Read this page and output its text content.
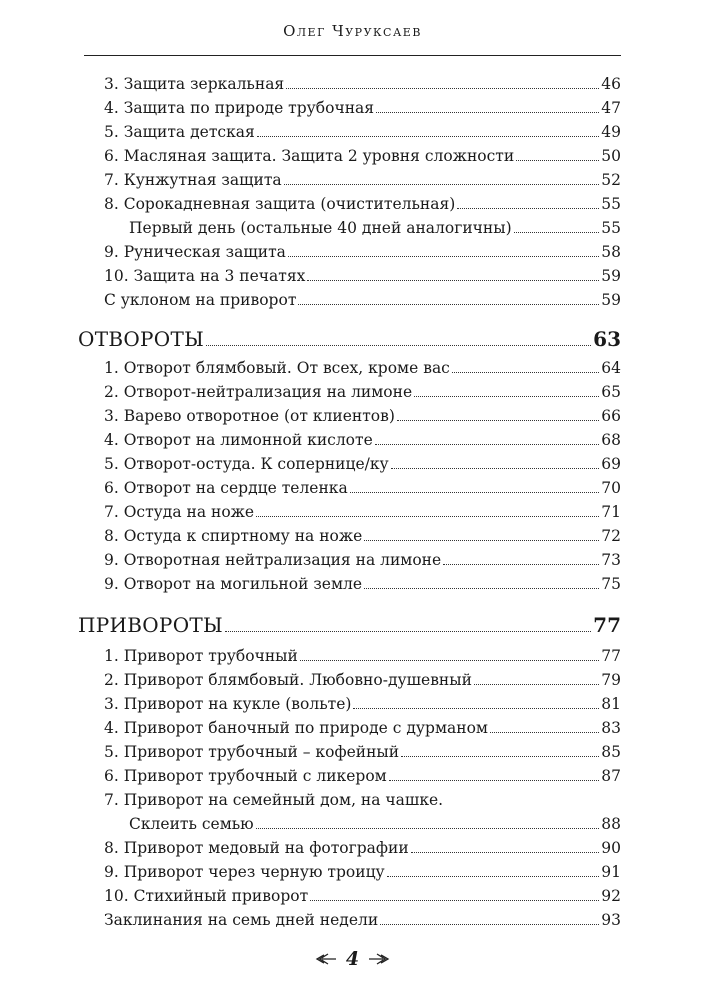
Олег Чуруксаев
3. Защита зеркальная	46
4. Защита по природе трубочная	47
5. Защита детская	49
6. Масляная защита. Защита 2 уровня сложности	50
7. Кунжутная защита	52
8. Сорокадневная защита (очистительная)	55
Первый день (остальные 40 дней аналогичны)	55
9. Руническая защита	58
10. Защита на 3 печатях	59
С уклоном на приворот	59
ОТВОРОТЫ	63
1. Отворот блямбовый. От всех, кроме вас	64
2. Отворот-нейтрализация на лимоне	65
3. Варево отворотное (от клиентов)	66
4. Отворот на лимонной кислоте	68
5. Отворот-остуда. К сопернице/ку	69
6. Отворот на сердце теленка	70
7. Остуда на ноже	71
8. Остуда к спиртному на ноже	72
9. Отворотная нейтрализация на лимоне	73
9. Отворот на могильной земле	75
ПРИВОРОТЫ	77
1. Приворот трубочный	77
2. Приворот блямбовый. Любовно-душевный	79
3. Приворот на кукле (вольте)	81
4. Приворот баночный по природе с дурманом	83
5. Приворот трубочный – кофейный	85
6. Приворот трубочный с ликером	87
7. Приворот на семейный дом, на чашке.
Склеить семью	88
8. Приворот медовый на фотографии	90
9. Приворот через черную троицу	91
10. Стихийный приворот	92
Заклинания на семь дней недели	93
4
